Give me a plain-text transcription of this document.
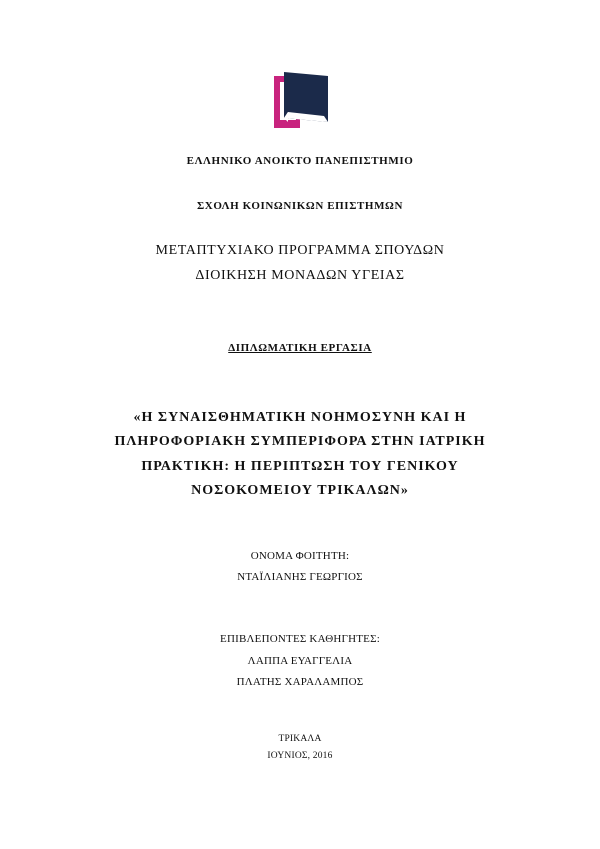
ΕΛΛΗΝΙΚΟ ΑΝΟΙΚΤΟ ΠΑΝΕΠΙΣΤΗΜΙΟ
ΣΧΟΛΗ ΚΟΙΝΩΝΙΚΩΝ ΕΠΙΣΤΗΜΩΝ
ΜΕΤΑΠΤΥΧΙΑΚΟ ΠΡΟΓΡΑΜΜΑ ΣΠΟΥΔΩΝ
ΔΙΟΙΚΗΣΗ ΜΟΝΑΔΩΝ ΥΓΕΙΑΣ
ΔΙΠΛΩΜΑΤΙΚΗ ΕΡΓΑΣΙΑ
«Η ΣΥΝΑΙΣΘΗΜΑΤΙΚΗ ΝΟΗΜΟΣΥΝΗ ΚΑΙ Η
ΠΛΗΡΟΦΟΡΙΑΚΗ ΣΥΜΠΕΡΙΦΟΡΑ ΣΤΗΝ ΙΑΤΡΙΚΗ
ΠΡΑΚΤΙΚΗ: Η ΠΕΡΙΠΤΩΣΗ ΤΟΥ ΓΕΝΙΚΟΥ
ΝΟΣΟΚΟΜΕΙΟΥ ΤΡΙΚΑΛΩΝ»
ΟΝΟΜΑ ΦΟΙΤΗΤΗ:
ΝΤΑΪΛΙΑΝΗΣ ΓΕΩΡΓΙΟΣ
ΕΠΙΒΛΕΠΟΝΤΕΣ ΚΑΘΗΓΗΤΕΣ:
ΛΑΠΠΑ ΕΥΑΓΓΕΛΙΑ
ΠΛΑΤΗΣ ΧΑΡΑΛΑΜΠΟΣ
ΤΡΙΚΑΛΑ
ΙΟΥΝΙΟΣ, 2016
